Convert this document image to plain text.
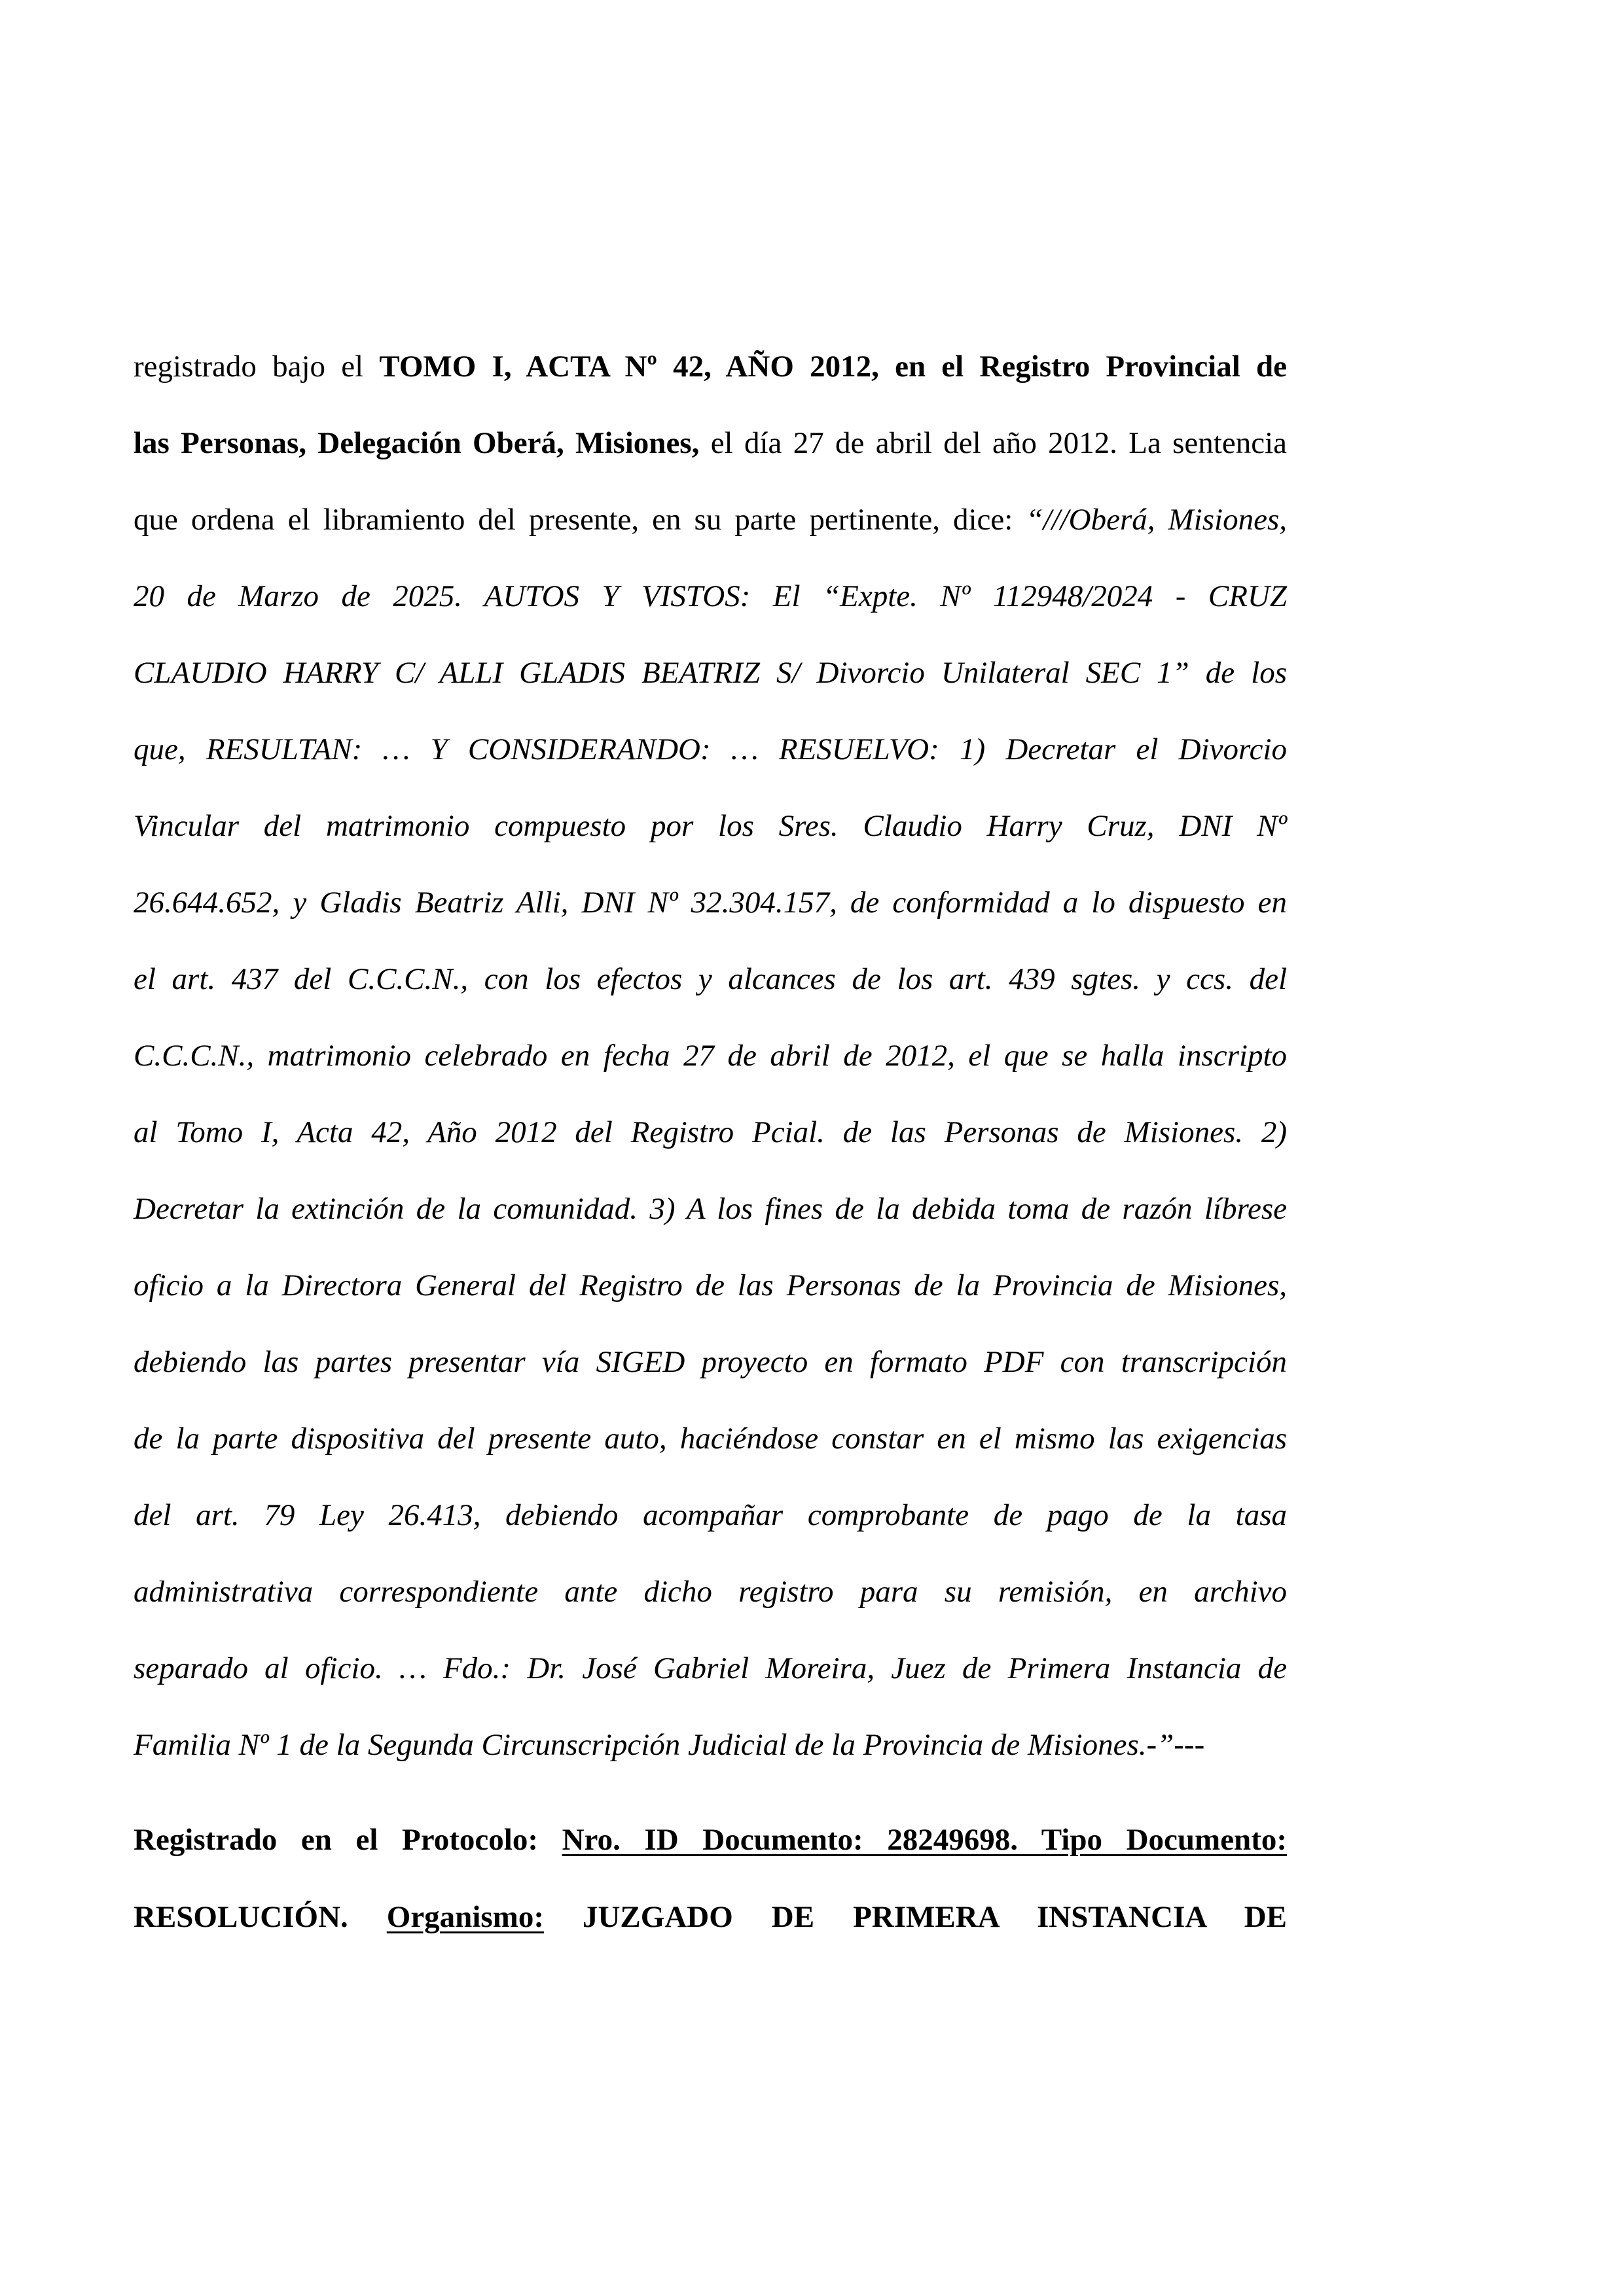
registrado bajo el TOMO I, ACTA Nº 42, AÑO 2012, en el Registro Provincial de
las Personas, Delegación Oberá, Misiones, el día 27 de abril del año 2012. La sentencia
que ordena el libramiento del presente, en su parte pertinente, dice: “///Oberá, Misiones,
20 de Marzo de 2025. AUTOS Y VISTOS: El “Expte. Nº 112948/2024 - CRUZ
CLAUDIO HARRY C/ ALLI GLADIS BEATRIZ S/ Divorcio Unilateral SEC 1” de los
que, RESULTAN: … Y CONSIDERANDO: … RESUELVO: 1) Decretar el Divorcio
Vincular del matrimonio compuesto por los Sres. Claudio Harry Cruz, DNI Nº
26.644.652, y Gladis Beatriz Alli, DNI Nº 32.304.157, de conformidad a lo dispuesto en
el art. 437 del C.C.C.N., con los efectos y alcances de los art. 439 sgtes. y ccs. del
C.C.C.N., matrimonio celebrado en fecha 27 de abril de 2012, el que se halla inscripto
al Tomo I, Acta 42, Año 2012 del Registro Pcial. de las Personas de Misiones. 2)
Decretar la extinción de la comunidad. 3) A los fines de la debida toma de razón líbrese
oficio a la Directora General del Registro de las Personas de la Provincia de Misiones,
debiendo las partes presentar vía SIGED proyecto en formato PDF con transcripción
de la parte dispositiva del presente auto, haciéndose constar en el mismo las exigencias
del art. 79 Ley 26.413, debiendo acompañar comprobante de pago de la tasa
administrativa correspondiente ante dicho registro para su remisión, en archivo
separado al oficio. … Fdo.: Dr. José Gabriel Moreira, Juez de Primera Instancia de
Familia Nº 1 de la Segunda Circunscripción Judicial de la Provincia de Misiones.-”---
Registrado en el Protocolo: Nro. ID Documento: 28249698. Tipo Documento:
RESOLUCIÓN. Organismo: JUZGADO DE PRIMERA INSTANCIA DE
